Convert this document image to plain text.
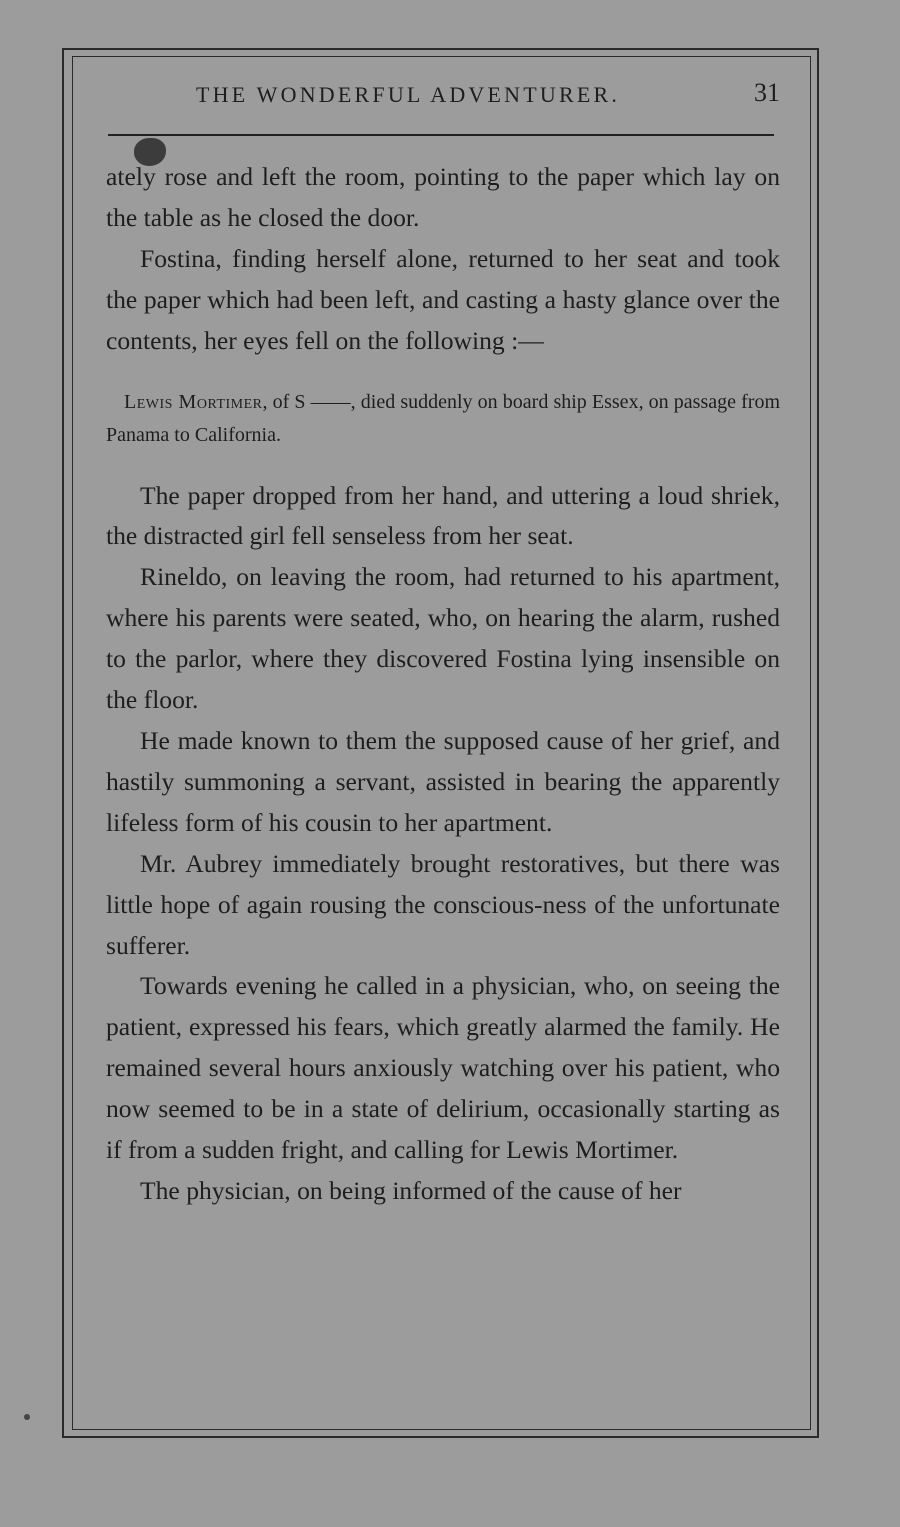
THE WONDERFUL ADVENTURER.	31

ately rose and left the room, pointing to the paper which lay on the table as he closed the door.

Fostina, finding herself alone, returned to her seat and took the paper which had been left, and casting a hasty glance over the contents, her eyes fell on the following :—

Lewis Mortimer, of S ——, died suddenly on board ship Essex, on passage from Panama to California.

The paper dropped from her hand, and uttering a loud shriek, the distracted girl fell senseless from her seat.

Rineldo, on leaving the room, had returned to his apartment, where his parents were seated, who, on hearing the alarm, rushed to the parlor, where they discovered Fostina lying insensible on the floor.

He made known to them the supposed cause of her grief, and hastily summoning a servant, assisted in bearing the apparently lifeless form of his cousin to her apartment.

Mr. Aubrey immediately brought restoratives, but there was little hope of again rousing the conscious-ness of the unfortunate sufferer.

Towards evening he called in a physician, who, on seeing the patient, expressed his fears, which greatly alarmed the family. He remained several hours anxiously watching over his patient, who now seemed to be in a state of delirium, occasionally starting as if from a sudden fright, and calling for Lewis Mortimer.

The physician, on being informed of the cause of her
